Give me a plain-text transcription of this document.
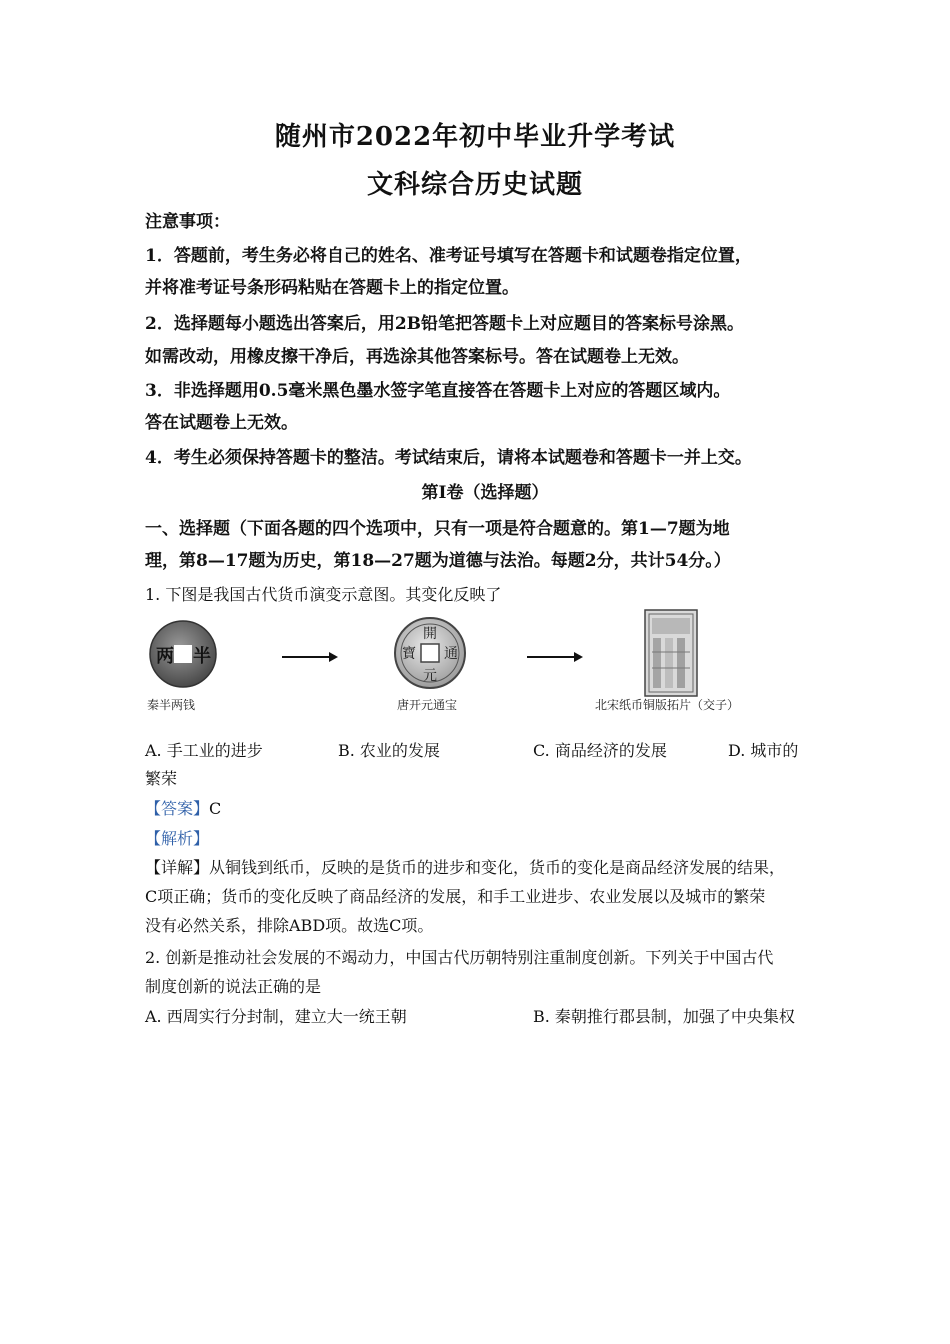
随州市2022年初中毕业升学考试
文科综合历史试题
注意事项：
1．答题前，考生务必将自己的姓名、准考证号填写在答题卡和试题卷指定位置，
并将准考证号条形码粘贴在答题卡上的指定位置。
2．选择题每小题选出答案后，用2B铅笔把答题卡上对应题目的答案标号涂黑。
如需改动，用橡皮擦干净后，再选涂其他答案标号。答在试题卷上无效。
3．非选择题用0.5毫米黑色墨水签字笔直接答在答题卡上对应的答题区域内。
答在试题卷上无效。
4．考生必须保持答题卡的整洁。考试结束后，请将本试题卷和答题卡一并上交。
第I卷（选择题）
一、选择题（下面各题的四个选项中，只有一项是符合题意的。第1—7题为地
理，第8—17题为历史，第18—27题为道德与法治。每题2分，共计54分。）
1. 下图是我国古代货币演变示意图。其变化反映了
半
两
開
元
通
寶
秦半两钱	唐开元通宝	北宋纸币铜版拓片（交子）
A. 手工业的进步	B. 农业的发展	C. 商品经济的发展	D. 城市的
繁荣
【答案】C
【解析】
【详解】从铜钱到纸币，反映的是货币的进步和变化，货币的变化是商品经济发展的结果，
C项正确；货币的变化反映了商品经济的发展，和手工业进步、农业发展以及城市的繁荣
没有必然关系，排除ABD项。故选C项。
2. 创新是推动社会发展的不竭动力，中国古代历朝特别注重制度创新。下列关于中国古代
制度创新的说法正确的是
A. 西周实行分封制，建立大一统王朝	B. 秦朝推行郡县制，加强了中央集权
